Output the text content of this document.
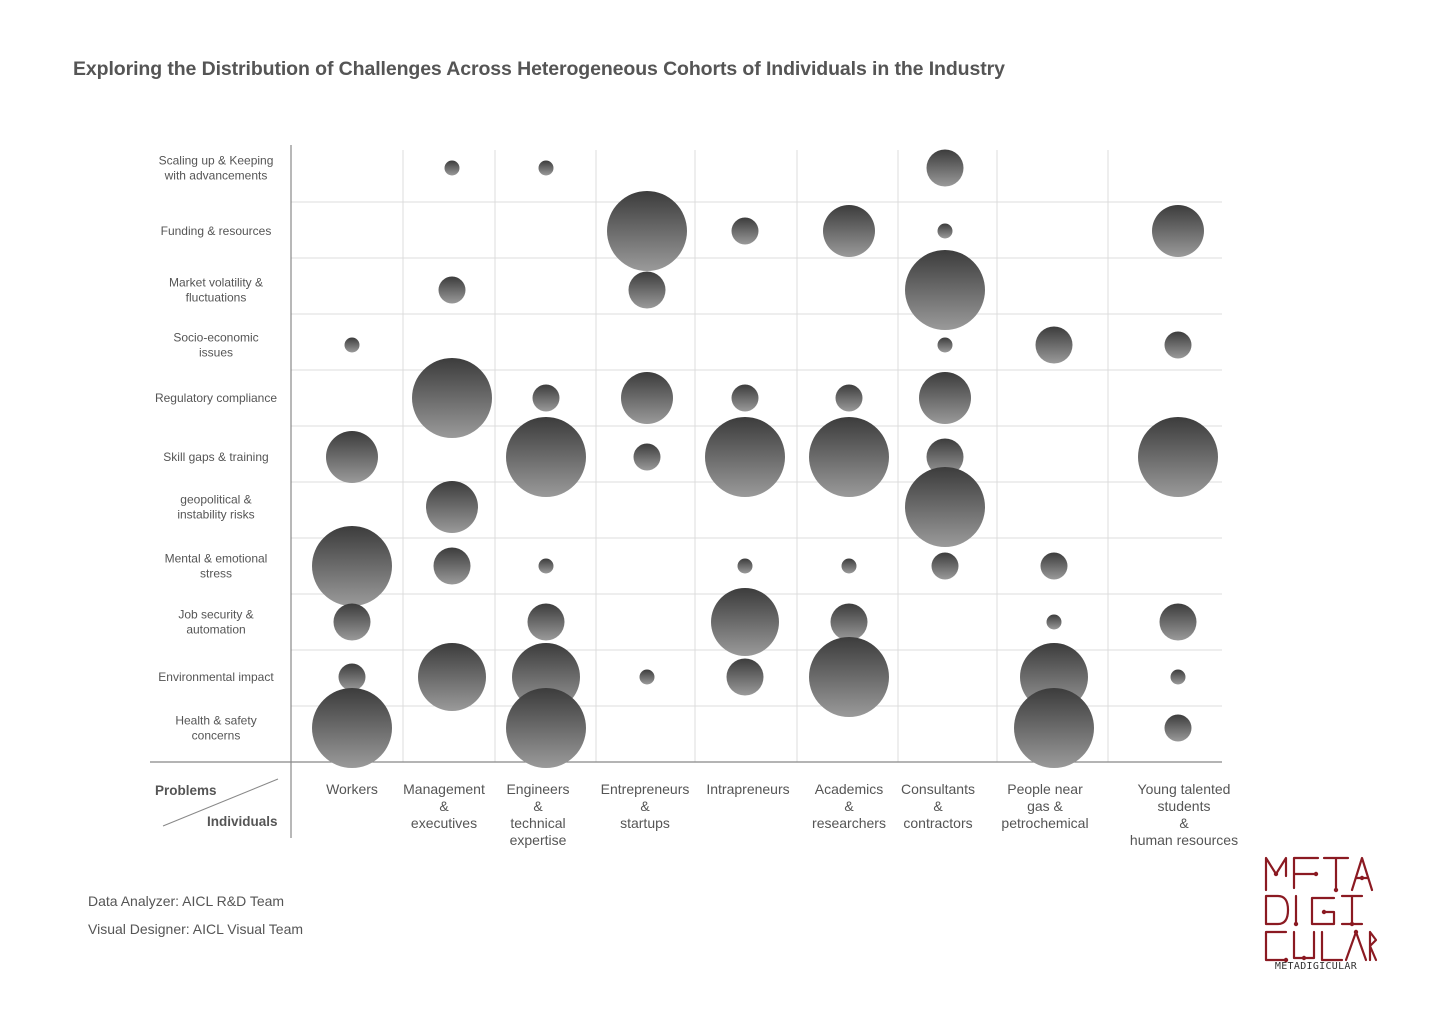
Exploring the Distribution of Challenges Across Heterogeneous Cohorts of Individuals in the Industry
Scaling up & Keeping with advancements
Funding & resources
Market volatility & fluctuations
Socio-economic issues
Regulatory compliance
Skill gaps & training
geopolitical & instability risks
Mental & emotional stress
Job security & automation
Environmental impact
Health & safety concerns
Workers Management & executives
Engineers & technical expertise
Entrepreneurs & startups
Intrapreneurs Academics & researchers
Consultants & contractors
People near gas & petrochemical
Young talented students & human resources
Problems
Individuals
Data Analyzer: AICL R&D Team
Visual Designer: AICL Visual Team
METADIGICULAR
